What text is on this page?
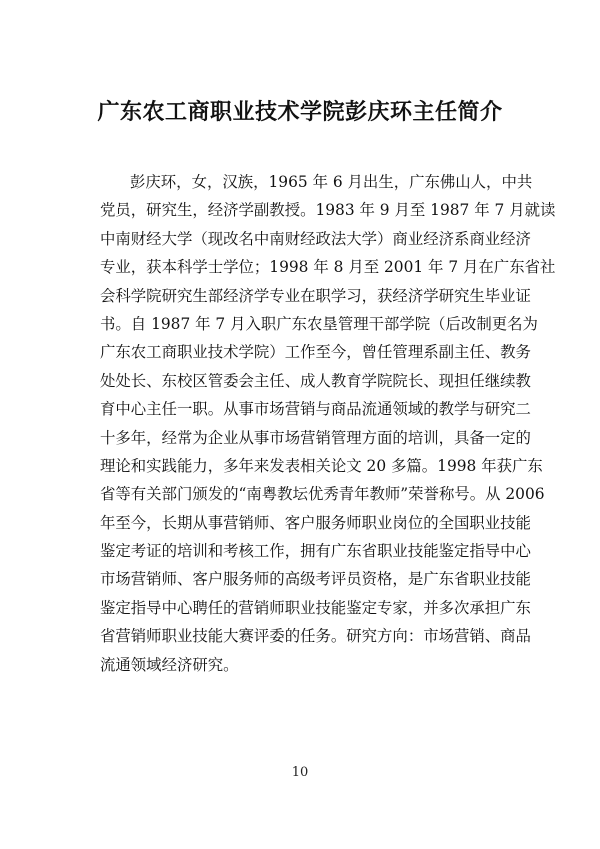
广东农工商职业技术学院彭庆环主任简介
彭庆环，女，汉族，1965 年 6 月出生，广东佛山人，中共
党员，研究生，经济学副教授。1983 年 9 月至 1987 年 7 月就读
中南财经大学（现改名中南财经政法大学）商业经济系商业经济
专业，获本科学士学位；1998 年 8 月至 2001 年 7 月在广东省社
会科学院研究生部经济学专业在职学习，获经济学研究生毕业证
书。自 1987 年 7 月入职广东农垦管理干部学院（后改制更名为
广东农工商职业技术学院）工作至今，曾任管理系副主任、教务
处处长、东校区管委会主任、成人教育学院院长、现担任继续教
育中心主任一职。从事市场营销与商品流通领域的教学与研究二
十多年，经常为企业从事市场营销管理方面的培训，具备一定的
理论和实践能力，多年来发表相关论文 20 多篇。1998 年获广东
省等有关部门颁发的“南粤教坛优秀青年教师”荣誉称号。从 2006
年至今，长期从事营销师、客户服务师职业岗位的全国职业技能
鉴定考证的培训和考核工作，拥有广东省职业技能鉴定指导中心
市场营销师、客户服务师的高级考评员资格，是广东省职业技能
鉴定指导中心聘任的营销师职业技能鉴定专家，并多次承担广东
省营销师职业技能大赛评委的任务。研究方向：市场营销、商品
流通领域经济研究。
10
